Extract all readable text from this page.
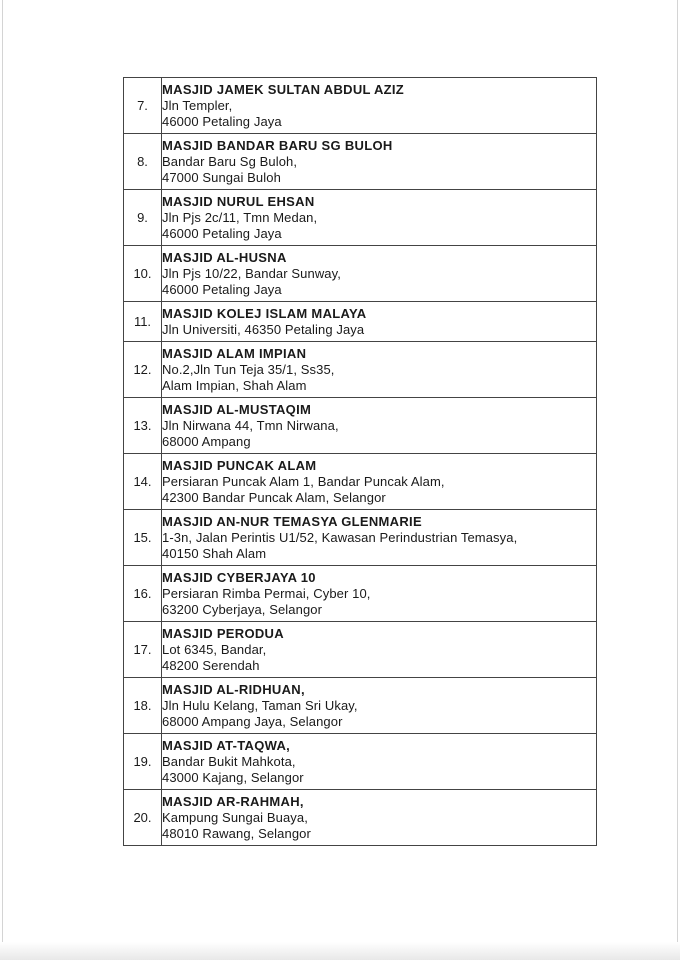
7.	MASJID JAMEK SULTAN ABDUL AZIZ
Jln Templer,
46000 Petaling Jaya

8.	MASJID BANDAR BARU SG BULOH
Bandar Baru Sg Buloh,
47000 Sungai Buloh

9.	MASJID NURUL EHSAN
Jln Pjs 2c/11, Tmn Medan,
46000 Petaling Jaya

10.	MASJID AL-HUSNA
Jln Pjs 10/22, Bandar Sunway,
46000 Petaling Jaya

11.	MASJID KOLEJ ISLAM MALAYA
Jln Universiti, 46350 Petaling Jaya

12.	MASJID ALAM IMPIAN
No.2,Jln Tun Teja 35/1, Ss35,
Alam Impian, Shah Alam

13.	MASJID AL-MUSTAQIM
Jln Nirwana 44, Tmn Nirwana,
68000 Ampang

14.	MASJID PUNCAK ALAM
Persiaran Puncak Alam 1, Bandar Puncak Alam,
42300 Bandar Puncak Alam, Selangor

15.	MASJID AN-NUR TEMASYA GLENMARIE
1-3n, Jalan Perintis U1/52, Kawasan Perindustrian Temasya,
40150 Shah Alam

16.	MASJID CYBERJAYA 10
Persiaran Rimba Permai, Cyber 10,
63200 Cyberjaya, Selangor

17.	MASJID PERODUA
Lot 6345, Bandar,
48200 Serendah

18.	MASJID AL-RIDHUAN,
Jln Hulu Kelang, Taman Sri Ukay,
68000 Ampang Jaya, Selangor

19.	MASJID AT-TAQWA,
Bandar Bukit Mahkota,
43000 Kajang, Selangor

20.	MASJID AR-RAHMAH,
Kampung Sungai Buaya,
48010 Rawang, Selangor
